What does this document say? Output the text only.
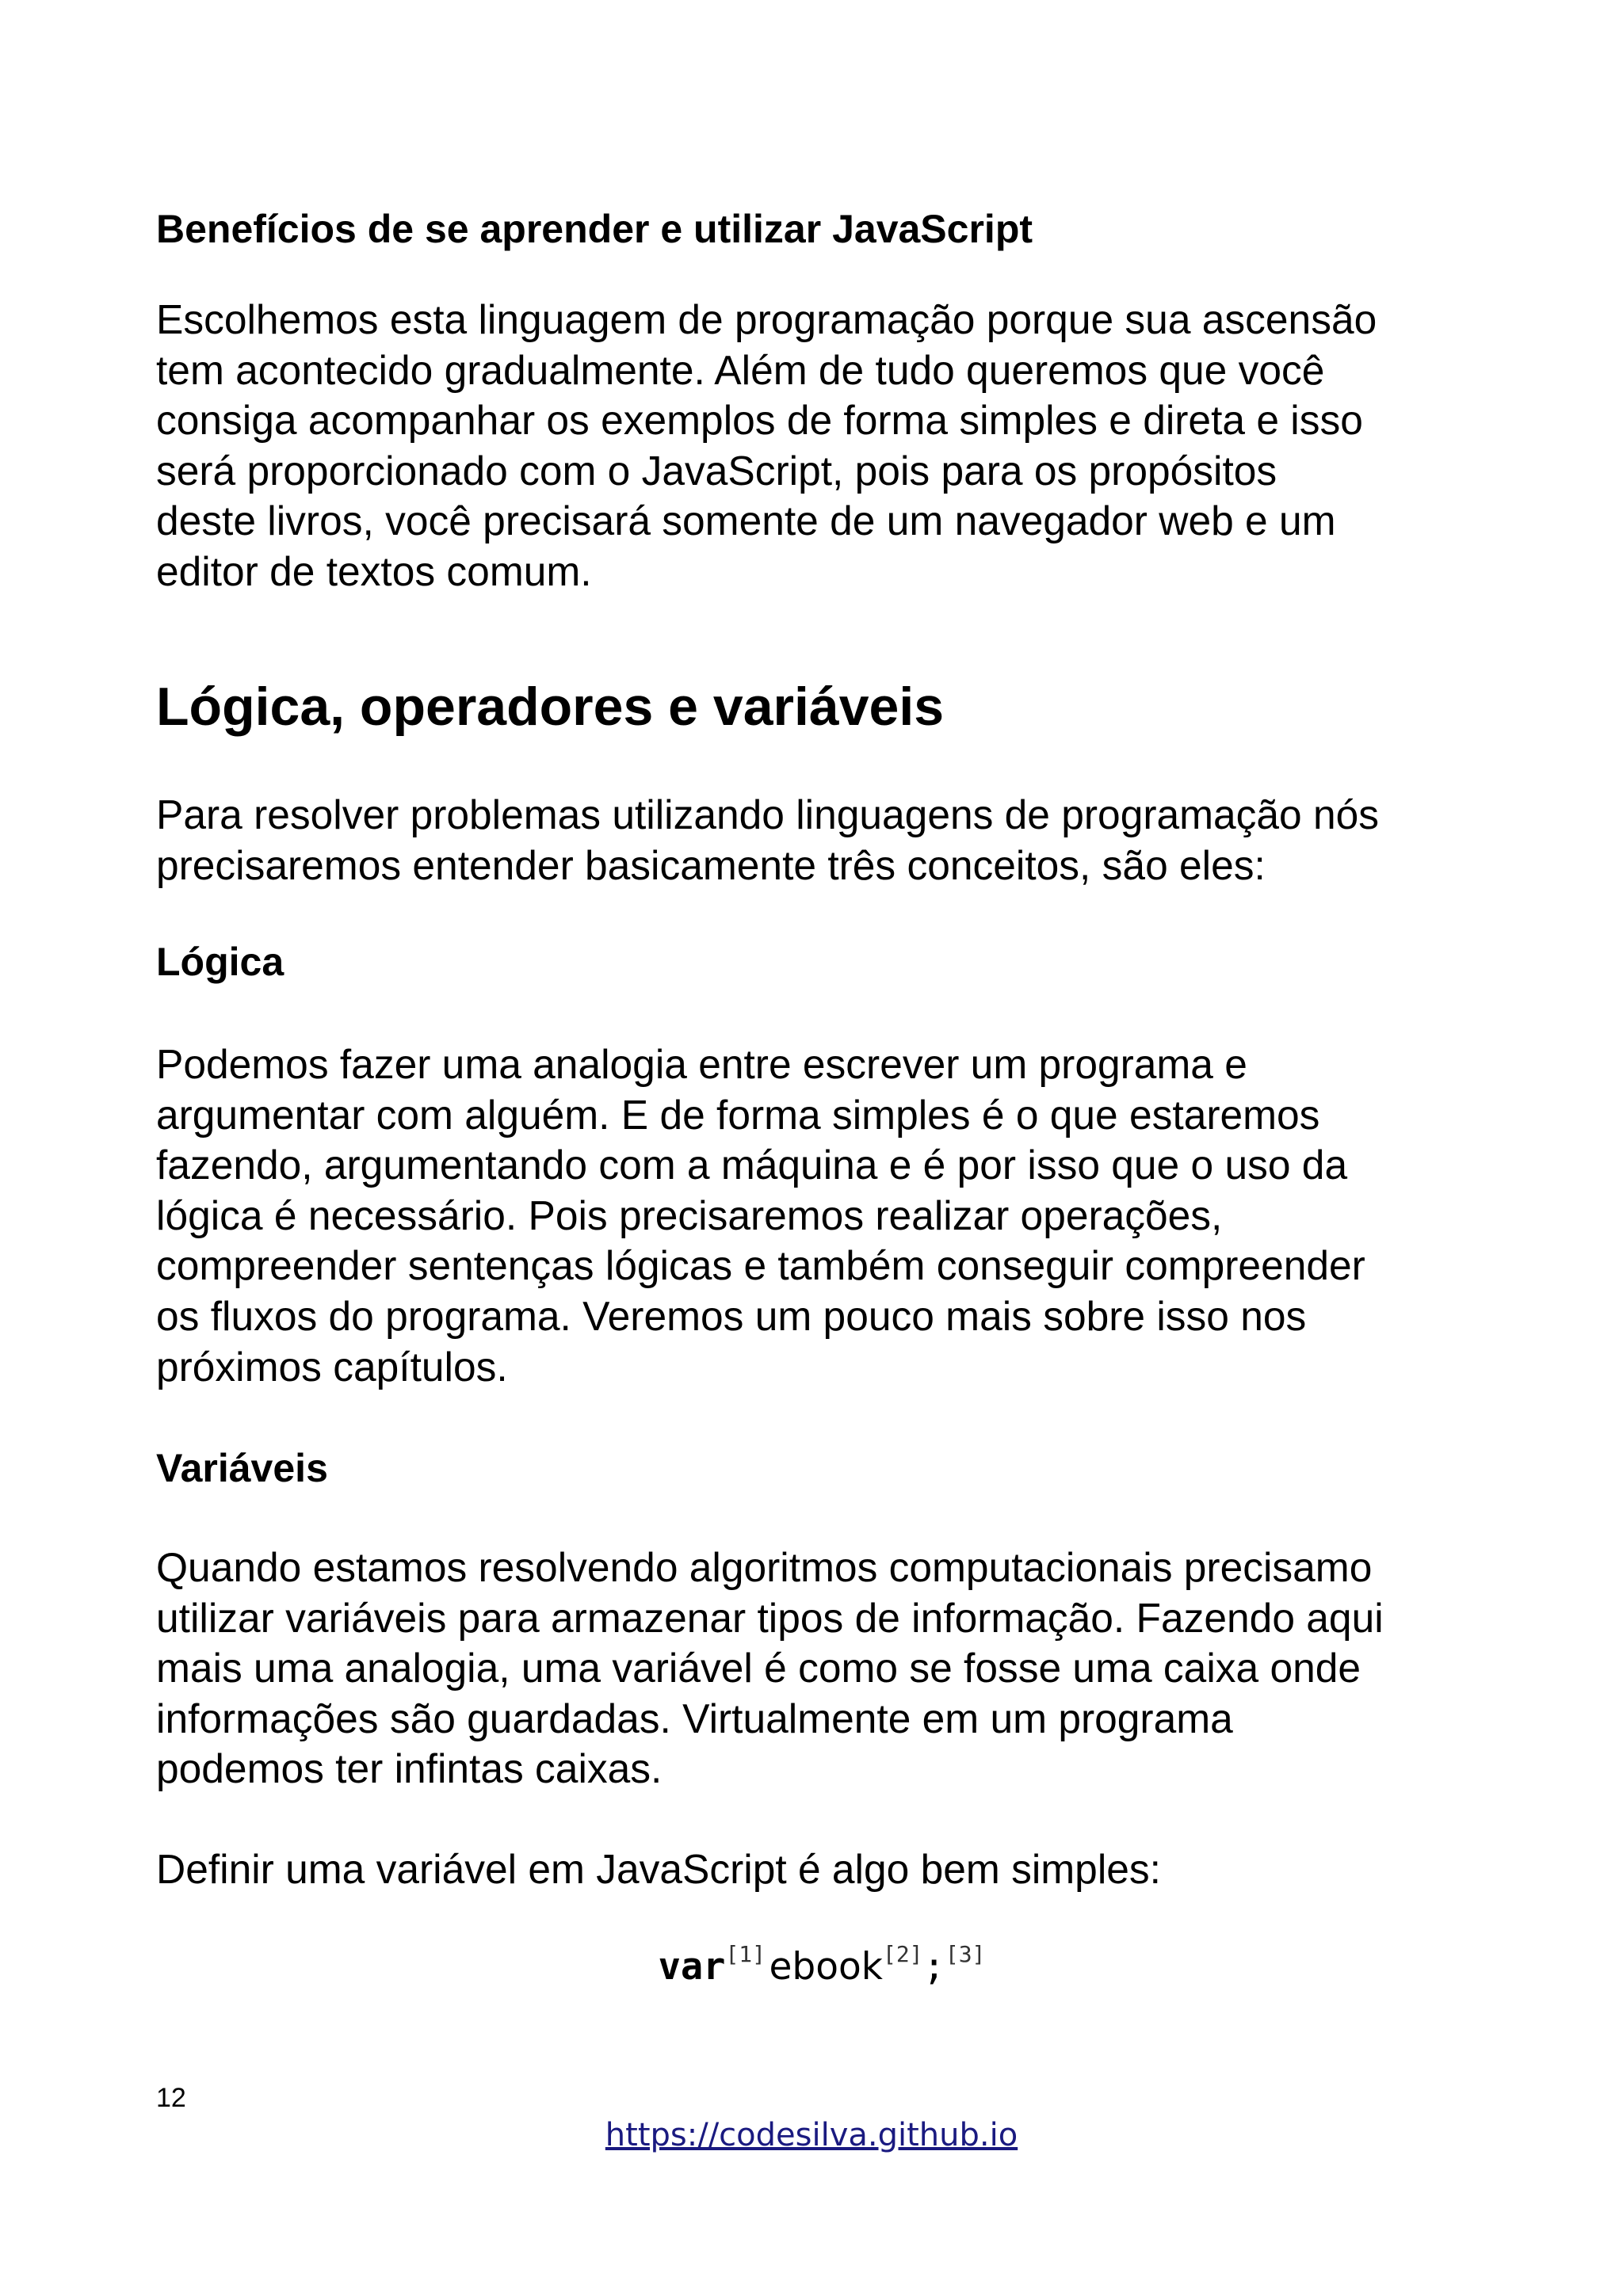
Benefícios de se aprender e utilizar JavaScript
Escolhemos esta linguagem de programação porque sua ascensão
tem acontecido gradualmente. Além de tudo queremos que você
consiga acompanhar os exemplos de forma simples e direta e isso
será proporcionado com o JavaScript, pois para os propósitos
deste livros, você precisará somente de um navegador web e um
editor de textos comum.
Lógica, operadores e variáveis
Para resolver problemas utilizando linguagens de programação nós
precisaremos entender basicamente três conceitos, são eles:
Lógica
Podemos fazer uma analogia entre escrever um programa e
argumentar com alguém. E de forma simples é o que estaremos
fazendo, argumentando com a máquina e é por isso que o uso da
lógica é necessário. Pois precisaremos realizar operações,
compreender sentenças lógicas e também conseguir compreender
os fluxos do programa. Veremos um pouco mais sobre isso nos
próximos capítulos.
Variáveis
Quando estamos resolvendo algoritmos computacionais precisamo
utilizar variáveis para armazenar tipos de informação. Fazendo aqui
mais uma analogia, uma variável é como se fosse uma caixa onde
informações são guardadas. Virtualmente em um programa
podemos ter infintas caixas.
Definir uma variável em JavaScript é algo bem simples:
var[1] ebook[2];[3]
12
https://codesilva.github.io
